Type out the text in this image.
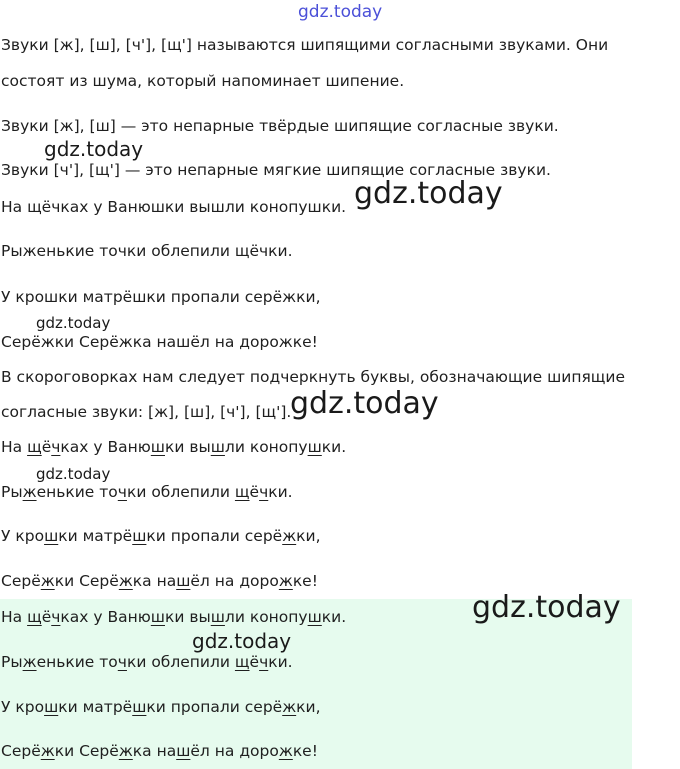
gdz.today
gdz.today
gdz.today
gdz.today
gdz.today
gdz.today
Звуки [ж], [ш], [ч'], [щ'] называются шипящими согласными звуками. Они
состоят из шума, который напоминает шипение.
Звуки [ж], [ш] — это непарные твёрдые шипящие согласные звуки.
Звуки [ч'], [щ'] — это непарные мягкие шипящие согласные звуки.
На щёчках у Ванюшки вышли конопушки.
Рыженькие точки облепили щёчки.
У крошки матрёшки пропали серёжки,
Серёжки Серёжка нашёл на дорожке!
В скороговорках нам следует подчеркнуть буквы, обозначающие шипящие
согласные звуки: [ж], [ш], [ч'], [щ'].
На щёчках у Ванюшки вышли конопушки.
Рыженькие точки облепили щёчки.
У крошки матрёшки пропали серёжки,
Серёжки Серёжка нашёл на дорожке!
gdz.today
gdz.today
На щёчках у Ванюшки вышли конопушки.
Рыженькие точки облепили щёчки.
У крошки матрёшки пропали серёжки,
Серёжки Серёжка нашёл на дорожке!
